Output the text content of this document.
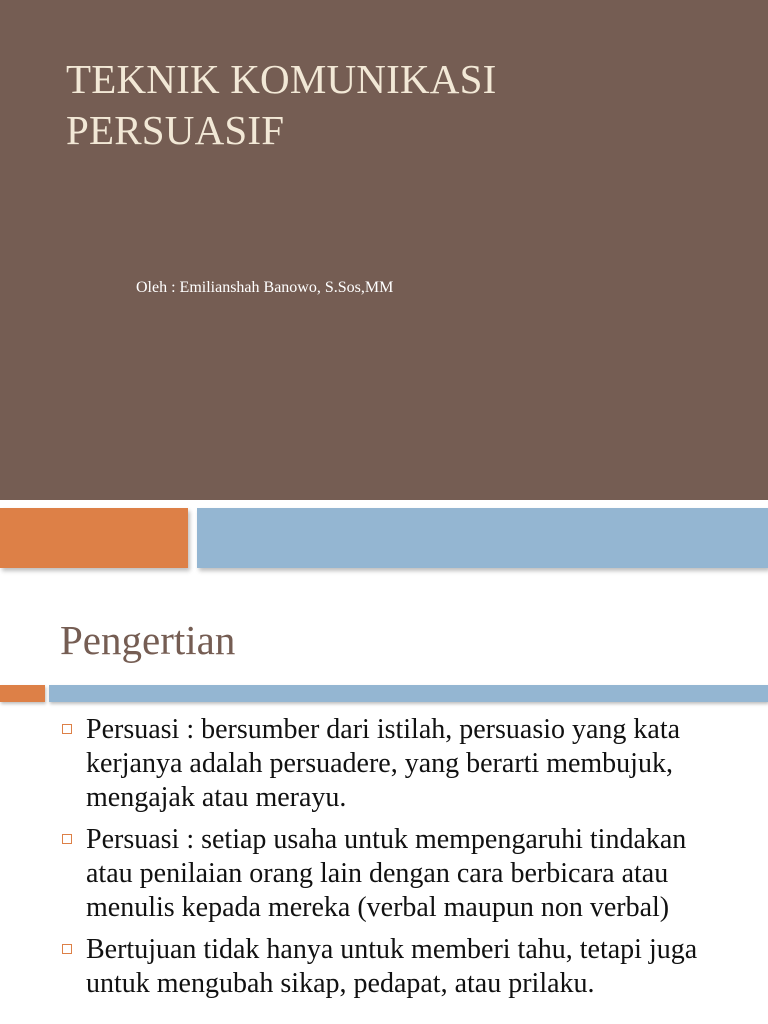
TEKNIK KOMUNIKASI
PERSUASIF
Oleh : Emilianshah Banowo, S.Sos,MM
Pengertian
Persuasi : bersumber dari istilah, persuasio yang kata kerjanya adalah persuadere, yang berarti membujuk, mengajak atau merayu.
Persuasi : setiap usaha untuk mempengaruhi tindakan atau penilaian orang lain dengan cara berbicara atau menulis kepada mereka (verbal maupun non verbal)
Bertujuan tidak hanya untuk memberi tahu, tetapi juga untuk mengubah sikap, pedapat, atau prilaku.
